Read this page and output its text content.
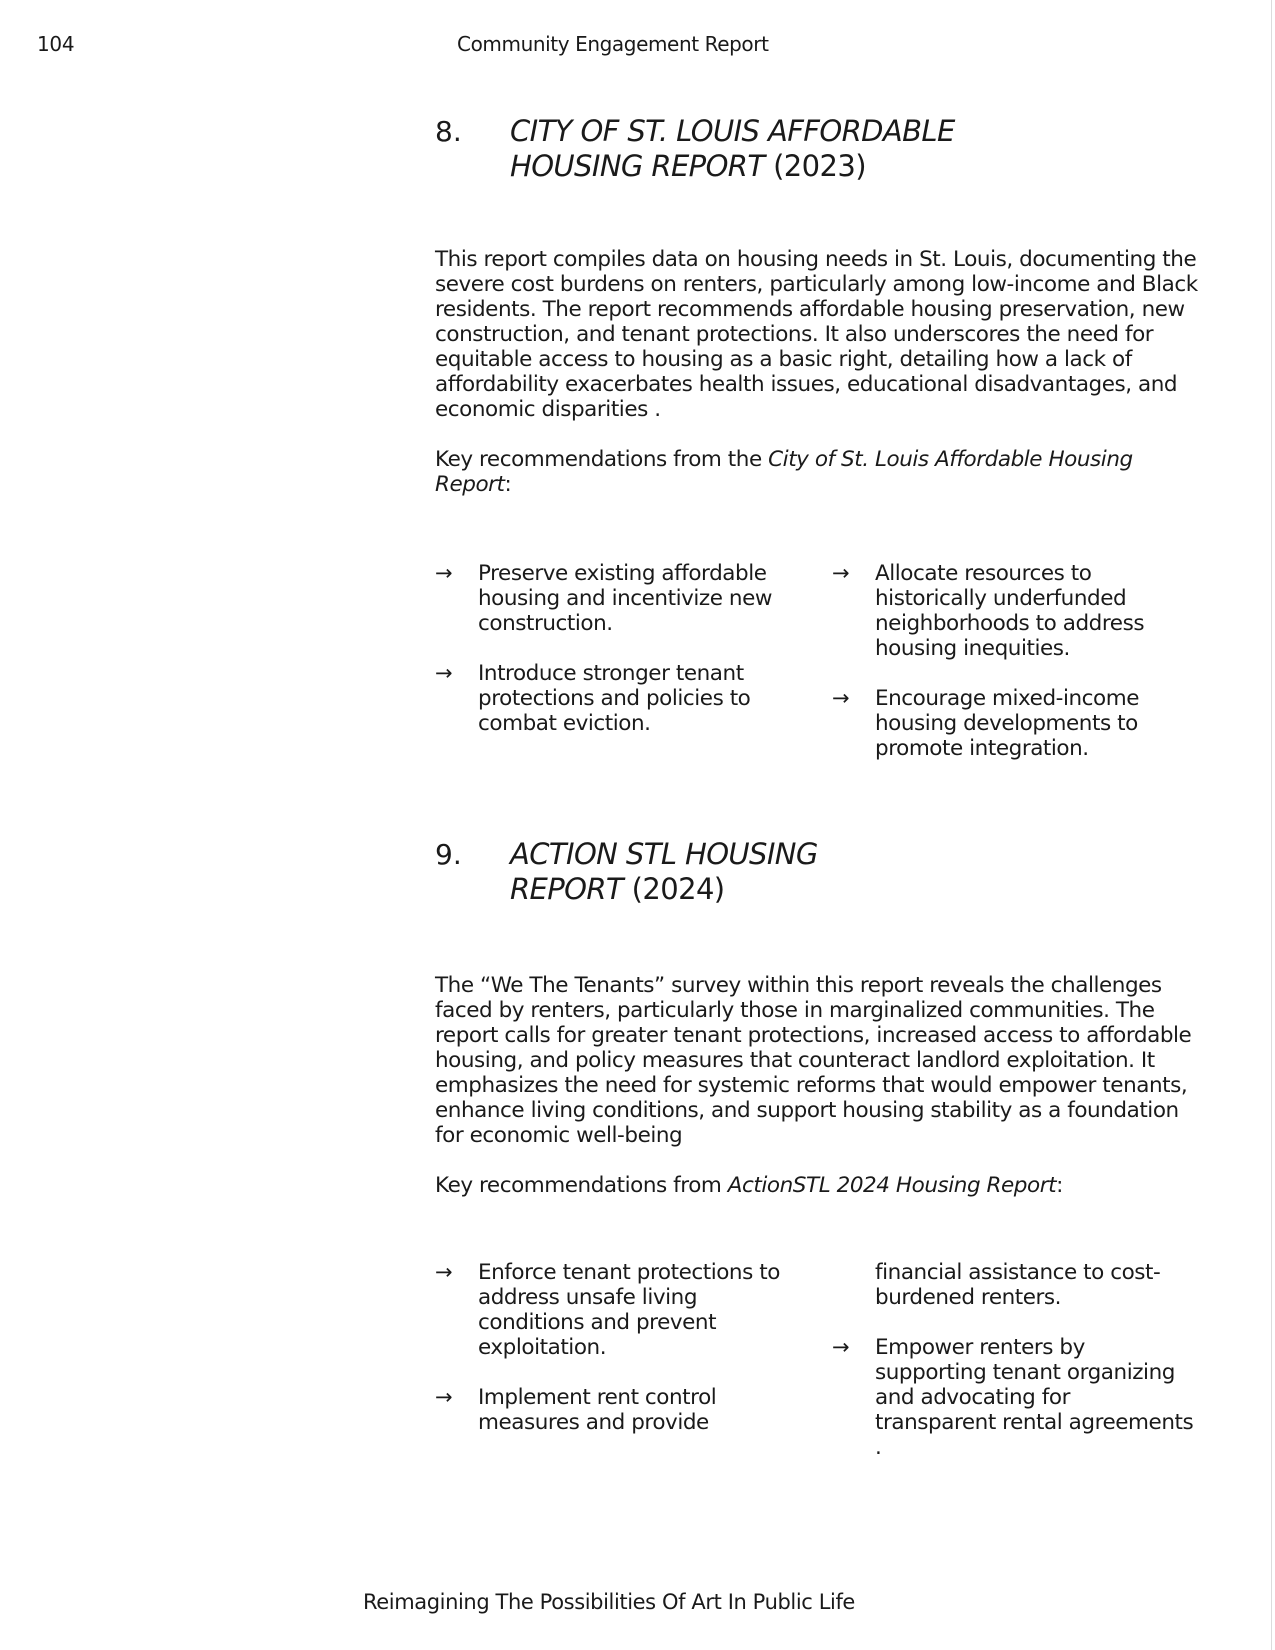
104	Community Engagement Report
8. CITY OF ST. LOUIS AFFORDABLE
HOUSING REPORT (2023)

This report compiles data on housing needs in St. Louis, documenting the severe cost burdens on renters, particularly among low-income and Black residents. The report recommends affordable housing preservation, new construction, and tenant protections. It also underscores the need for equitable access to housing as a basic right, detailing how a lack of affordability exacerbates health issues, educational disadvantages, and economic disparities .

Key recommendations from the City of St. Louis Affordable Housing Report:

→ Preserve existing affordable housing and incentivize new construction.
→ Introduce stronger tenant protections and policies to combat eviction.
→ Allocate resources to historically underfunded neighborhoods to address housing inequities.
→ Encourage mixed-income housing developments to promote integration.
9. ACTION STL HOUSING
REPORT (2024)

The “We The Tenants” survey within this report reveals the challenges faced by renters, particularly those in marginalized communities. The report calls for greater tenant protections, increased access to affordable housing, and policy measures that counteract landlord exploitation. It emphasizes the need for systemic reforms that would empower tenants, enhance living conditions, and support housing stability as a foundation for economic well-being

Key recommendations from ActionSTL 2024 Housing Report:

→ Enforce tenant protections to address unsafe living conditions and prevent exploitation.
→ Implement rent control measures and provide
financial assistance to cost-burdened renters.
→ Empower renters by supporting tenant organizing and advocating for transparent rental agreements .
Reimagining The Possibilities Of Art In Public Life
